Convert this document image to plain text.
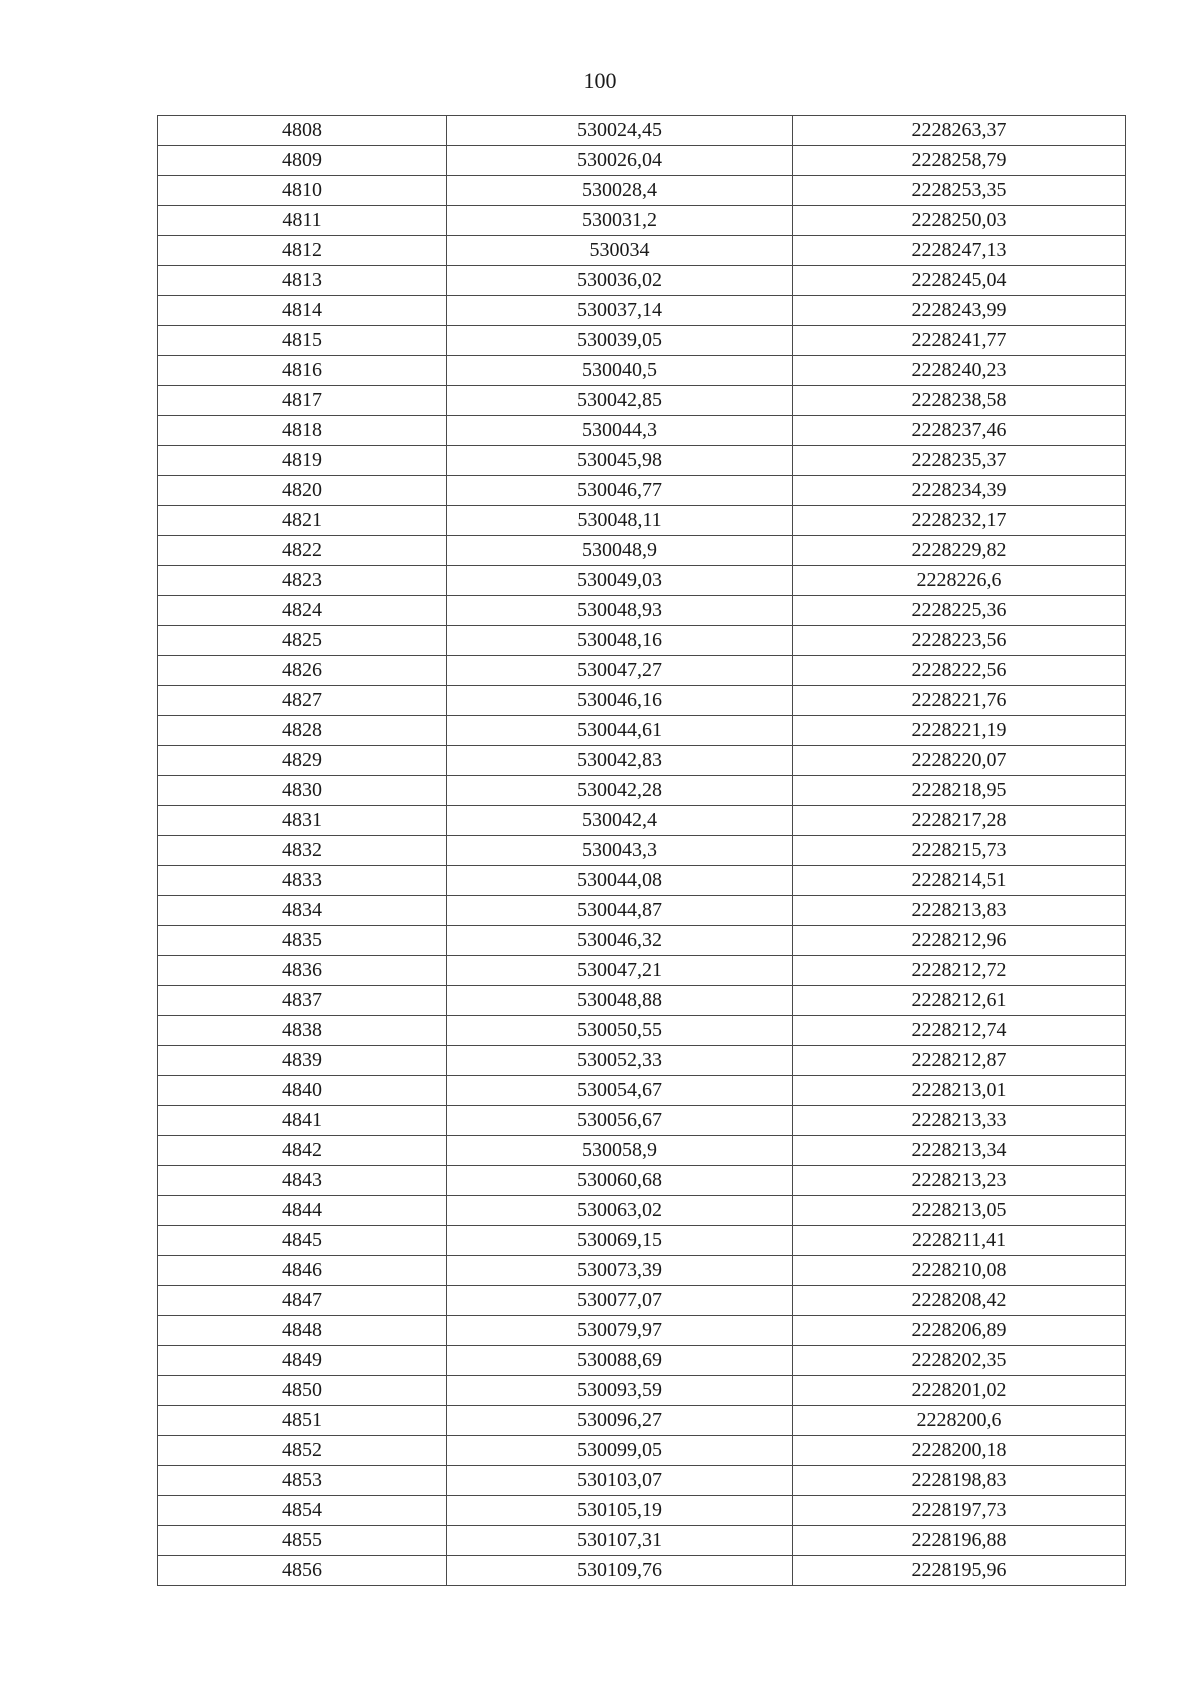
100
4808	530024,45	2228263,37
4809	530026,04	2228258,79
4810	530028,4	2228253,35
4811	530031,2	2228250,03
4812	530034	2228247,13
4813	530036,02	2228245,04
4814	530037,14	2228243,99
4815	530039,05	2228241,77
4816	530040,5	2228240,23
4817	530042,85	2228238,58
4818	530044,3	2228237,46
4819	530045,98	2228235,37
4820	530046,77	2228234,39
4821	530048,11	2228232,17
4822	530048,9	2228229,82
4823	530049,03	2228226,6
4824	530048,93	2228225,36
4825	530048,16	2228223,56
4826	530047,27	2228222,56
4827	530046,16	2228221,76
4828	530044,61	2228221,19
4829	530042,83	2228220,07
4830	530042,28	2228218,95
4831	530042,4	2228217,28
4832	530043,3	2228215,73
4833	530044,08	2228214,51
4834	530044,87	2228213,83
4835	530046,32	2228212,96
4836	530047,21	2228212,72
4837	530048,88	2228212,61
4838	530050,55	2228212,74
4839	530052,33	2228212,87
4840	530054,67	2228213,01
4841	530056,67	2228213,33
4842	530058,9	2228213,34
4843	530060,68	2228213,23
4844	530063,02	2228213,05
4845	530069,15	2228211,41
4846	530073,39	2228210,08
4847	530077,07	2228208,42
4848	530079,97	2228206,89
4849	530088,69	2228202,35
4850	530093,59	2228201,02
4851	530096,27	2228200,6
4852	530099,05	2228200,18
4853	530103,07	2228198,83
4854	530105,19	2228197,73
4855	530107,31	2228196,88
4856	530109,76	2228195,96
